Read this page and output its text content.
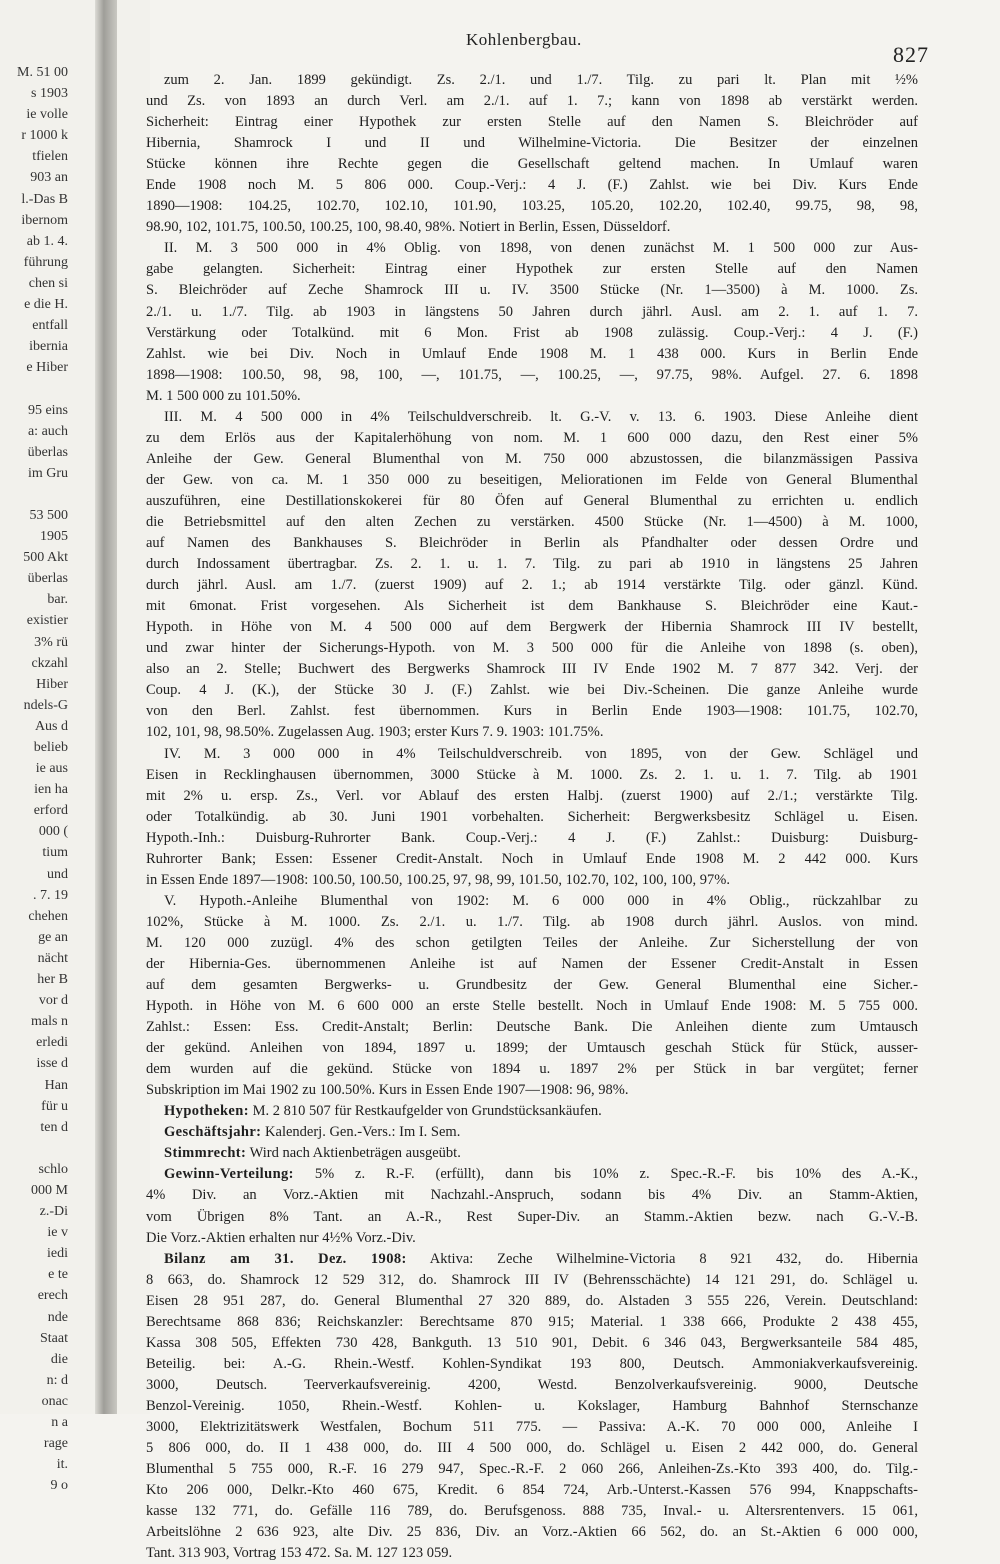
M. 51 00
s 1903
ie volle
r 1000 k
tfielen
903 an
l.-Das B
ibernom
ab 1. 4.
führung
chen si
e die H.
entfall
ibernia
e Hiber

95 eins
a: auch
überlas
im Gru

53 500
1905
500 Akt
überlas
bar.
existier
3% rü
ckzahl
Hiber
ndels-G
Aus d
belieb
ie aus
ien ha
erford
000 (
tium
und
. 7. 19
chehen
ge an
nächt
her B
vor d
mals n
erledi
isse d
Han
für u
ten d

schlo
000 M
z.-Di
ie v
iedi
e te
erech
nde
Staat
die
n: d
onac
n a
rage
it.
9 o
Kohlenbergbau.
827
zum 2. Jan. 1899 gekündigt. Zs. 2./1. und 1./7. Tilg. zu pari lt. Plan mit ½%
und Zs. von 1893 an durch Verl. am 2./1. auf 1. 7.; kann von 1898 ab verstärkt werden.
Sicherheit: Eintrag einer Hypothek zur ersten Stelle auf den Namen S. Bleichröder auf
Hibernia, Shamrock I und II und Wilhelmine-Victoria. Die Besitzer der einzelnen
Stücke können ihre Rechte gegen die Gesellschaft geltend machen. In Umlauf waren
Ende 1908 noch M. 5 806 000. Coup.-Verj.: 4 J. (F.) Zahlst. wie bei Div. Kurs Ende
1890—1908: 104.25, 102.70, 102.10, 101.90, 103.25, 105.20, 102.20, 102.40, 99.75, 98, 98,
98.90, 102, 101.75, 100.50, 100.25, 100, 98.40, 98%. Notiert in Berlin, Essen, Düsseldorf.
II. M. 3 500 000 in 4% Oblig. von 1898, von denen zunächst M. 1 500 000 zur Aus-
gabe gelangten. Sicherheit: Eintrag einer Hypothek zur ersten Stelle auf den Namen
S. Bleichröder auf Zeche Shamrock III u. IV. 3500 Stücke (Nr. 1—3500) à M. 1000. Zs.
2./1. u. 1./7. Tilg. ab 1903 in längstens 50 Jahren durch jährl. Ausl. am 2. 1. auf 1. 7.
Verstärkung oder Totalkünd. mit 6 Mon. Frist ab 1908 zulässig. Coup.-Verj.: 4 J. (F.)
Zahlst. wie bei Div. Noch in Umlauf Ende 1908 M. 1 438 000. Kurs in Berlin Ende
1898—1908: 100.50, 98, 98, 100, —, 101.75, —, 100.25, —, 97.75, 98%. Aufgel. 27. 6. 1898
M. 1 500 000 zu 101.50%.
III. M. 4 500 000 in 4% Teilschuldverschreib. lt. G.-V. v. 13. 6. 1903. Diese Anleihe dient
zu dem Erlös aus der Kapitalerhöhung von nom. M. 1 600 000 dazu, den Rest einer 5%
Anleihe der Gew. General Blumenthal von M. 750 000 abzustossen, die bilanzmässigen Passiva
der Gew. von ca. M. 1 350 000 zu beseitigen, Meliorationen im Felde von General Blumenthal
auszuführen, eine Destillationskokerei für 80 Öfen auf General Blumenthal zu errichten u. endlich
die Betriebsmittel auf den alten Zechen zu verstärken. 4500 Stücke (Nr. 1—4500) à M. 1000,
auf Namen des Bankhauses S. Bleichröder in Berlin als Pfandhalter oder dessen Ordre und
durch Indossament übertragbar. Zs. 2. 1. u. 1. 7. Tilg. zu pari ab 1910 in längstens 25 Jahren
durch jährl. Ausl. am 1./7. (zuerst 1909) auf 2. 1.; ab 1914 verstärkte Tilg. oder gänzl. Künd.
mit 6monat. Frist vorgesehen. Als Sicherheit ist dem Bankhause S. Bleichröder eine Kaut.-
Hypoth. in Höhe von M. 4 500 000 auf dem Bergwerk der Hibernia Shamrock III IV bestellt,
und zwar hinter der Sicherungs-Hypoth. von M. 3 500 000 für die Anleihe von 1898 (s. oben),
also an 2. Stelle; Buchwert des Bergwerks Shamrock III IV Ende 1902 M. 7 877 342. Verj. der
Coup. 4 J. (K.), der Stücke 30 J. (F.) Zahlst. wie bei Div.-Scheinen. Die ganze Anleihe wurde
von den Berl. Zahlst. fest übernommen. Kurs in Berlin Ende 1903—1908: 101.75, 102.70,
102, 101, 98, 98.50%. Zugelassen Aug. 1903; erster Kurs 7. 9. 1903: 101.75%.
IV. M. 3 000 000 in 4% Teilschuldverschreib. von 1895, von der Gew. Schlägel und
Eisen in Recklinghausen übernommen, 3000 Stücke à M. 1000. Zs. 2. 1. u. 1. 7. Tilg. ab 1901
mit 2% u. ersp. Zs., Verl. vor Ablauf des ersten Halbj. (zuerst 1900) auf 2./1.; verstärkte Tilg.
oder Totalkündig. ab 30. Juni 1901 vorbehalten. Sicherheit: Bergwerksbesitz Schlägel u. Eisen.
Hypoth.-Inh.: Duisburg-Ruhrorter Bank. Coup.-Verj.: 4 J. (F.) Zahlst.: Duisburg: Duisburg-
Ruhrorter Bank; Essen: Essener Credit-Anstalt. Noch in Umlauf Ende 1908 M. 2 442 000. Kurs
in Essen Ende 1897—1908: 100.50, 100.50, 100.25, 97, 98, 99, 101.50, 102.70, 102, 100, 100, 97%.
V. Hypoth.-Anleihe Blumenthal von 1902: M. 6 000 000 in 4% Oblig., rückzahlbar zu
102%, Stücke à M. 1000. Zs. 2./1. u. 1./7. Tilg. ab 1908 durch jährl. Auslos. von mind.
M. 120 000 zuzügl. 4% des schon getilgten Teiles der Anleihe. Zur Sicherstellung der von
der Hibernia-Ges. übernommenen Anleihe ist auf Namen der Essener Credit-Anstalt in Essen
auf dem gesamten Bergwerks- u. Grundbesitz der Gew. General Blumenthal eine Sicher.-
Hypoth. in Höhe von M. 6 600 000 an erste Stelle bestellt. Noch in Umlauf Ende 1908: M. 5 755 000.
Zahlst.: Essen: Ess. Credit-Anstalt; Berlin: Deutsche Bank. Die Anleihen diente zum Umtausch
der gekünd. Anleihen von 1894, 1897 u. 1899; der Umtausch geschah Stück für Stück, ausser-
dem wurden auf die gekünd. Stücke von 1894 u. 1897 2% per Stück in bar vergütet; ferner
Subskription im Mai 1902 zu 100.50%. Kurs in Essen Ende 1907—1908: 96, 98%.
Hypotheken: M. 2 810 507 für Restkaufgelder von Grundstücksankäufen.
Geschäftsjahr: Kalenderj. Gen.-Vers.: Im I. Sem.
Stimmrecht: Wird nach Aktienbeträgen ausgeübt.
Gewinn-Verteilung: 5% z. R.-F. (erfüllt), dann bis 10% z. Spec.-R.-F. bis 10% des A.-K.,
4% Div. an Vorz.-Aktien mit Nachzahl.-Anspruch, sodann bis 4% Div. an Stamm-Aktien,
vom Übrigen 8% Tant. an A.-R., Rest Super-Div. an Stamm.-Aktien bezw. nach G.-V.-B.
Die Vorz.-Aktien erhalten nur 4½% Vorz.-Div.
Bilanz am 31. Dez. 1908: Aktiva: Zeche Wilhelmine-Victoria 8 921 432, do. Hibernia
8 663, do. Shamrock 12 529 312, do. Shamrock III IV (Behrensschächte) 14 121 291, do. Schlägel u.
Eisen 28 951 287, do. General Blumenthal 27 320 889, do. Alstaden 3 555 226, Verein. Deutschland:
Berechtsame 868 836; Reichskanzler: Berechtsame 870 915; Material. 1 338 666, Produkte 2 438 455,
Kassa 308 505, Effekten 730 428, Bankguth. 13 510 901, Debit. 6 346 043, Bergwerksanteile 584 485,
Beteilig. bei: A.-G. Rhein.-Westf. Kohlen-Syndikat 193 800, Deutsch. Ammoniakverkaufsvereinig.
3000, Deutsch. Teerverkaufsvereinig. 4200, Westd. Benzolverkaufsvereinig. 9000, Deutsche
Benzol-Vereinig. 1050, Rhein.-Westf. Kohlen- u. Kokslager, Hamburg Bahnhof Sternschanze
3000, Elektrizitätswerk Westfalen, Bochum 511 775. — Passiva: A.-K. 70 000 000, Anleihe I
5 806 000, do. II 1 438 000, do. III 4 500 000, do. Schlägel u. Eisen 2 442 000, do. General
Blumenthal 5 755 000, R.-F. 16 279 947, Spec.-R.-F. 2 060 266, Anleihen-Zs.-Kto 393 400, do. Tilg.-
Kto 206 000, Delkr.-Kto 460 675, Kredit. 6 854 724, Arb.-Unterst.-Kassen 576 994, Knappschafts-
kasse 132 771, do. Gefälle 116 789, do. Berufsgenoss. 888 735, Inval.- u. Altersrentenvers. 15 061,
Arbeitslöhne 2 636 923, alte Div. 25 836, Div. an Vorz.-Aktien 66 562, do. an St.-Aktien 6 000 000,
Tant. 313 903, Vortrag 153 472. Sa. M. 127 123 059.
